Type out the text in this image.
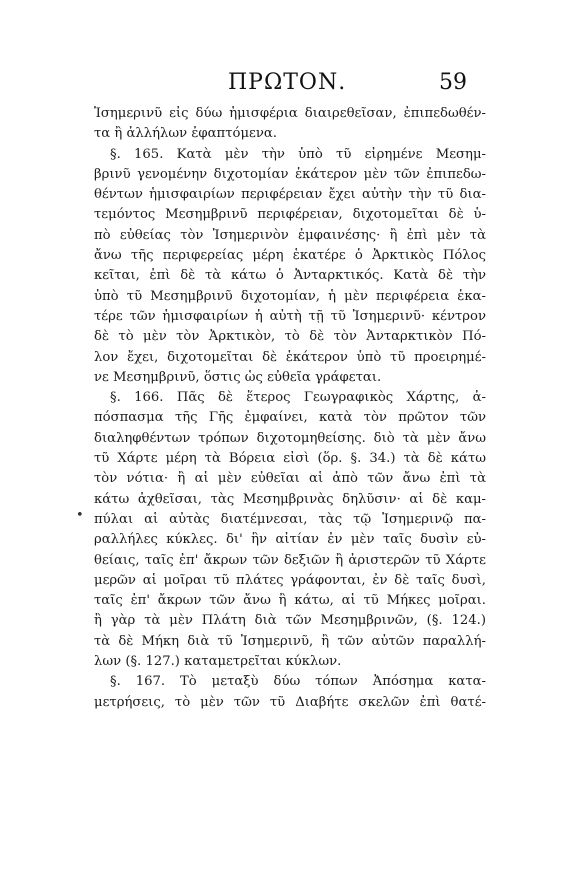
ΠΡΩΤΟΝ.	59
•
Ἰσημερινῦ εἰς δύω ἡμισφέρια διαιρεθεῖσαν, ἐπιπεδωθέν-
τα ἢ ἀλλήλων ἐφαπτόμενα.
§. 165. Κατὰ μὲν τὴν ὑπὸ τῦ εἰρημένε Μεσημ-
βρινῦ γενομένην διχοτομίαν ἑκάτερον μὲν τῶν ἐπιπεδω-
θέντων ἡμισφαιρίων περιφέρειαν ἔχει αὐτὴν τὴν τῦ δια-
τεμόντος Μεσημβρινῦ περιφέρειαν, διχοτομεῖται δὲ ὑ-
πὸ εὐθείας τὸν Ἰσημερινὸν ἐμφαινέσης· ἢ ἐπὶ μὲν τὰ
ἄνω τῆς περιφερείας μέρη ἑκατέρε ὁ Ἀρκτικὸς Πόλος
κεῖται, ἐπὶ δὲ τὰ κάτω ὁ Ἀνταρκτικός. Κατὰ δὲ τὴν
ὑπὸ τῦ Μεσημβρινῦ διχοτομίαν, ἡ μὲν περιφέρεια ἑκα-
τέρε τῶν ἡμισφαιρίων ἡ αὐτὴ τῇ τῦ Ἰσημερινῦ· κέντρον
δὲ τὸ μὲν τὸν Ἀρκτικὸν, τὸ δὲ τὸν Ἀνταρκτικὸν Πό-
λον ἔχει, διχοτομεῖται δὲ ἑκάτερον ὑπὸ τῦ προειρημέ-
νε Μεσημβρινῦ, ὅστις ὡς εὐθεῖα γράφεται.
§. 166. Πᾶς δὲ ἕτερος Γεωγραφικὸς Χάρτης, ἀ-
πόσπασμα τῆς Γῆς ἐμφαίνει, κατὰ τὸν πρῶτον τῶν
διαληφθέντων τρόπων διχοτομηθείσης. διὸ τὰ μὲν ἄνω
τῦ Χάρτε μέρη τὰ Βόρεια εἰσὶ (ὅρ. §. 34.) τὰ δὲ κάτω
τὸν νότια· ἢ αἱ μὲν εὐθεῖαι αἱ ἀπὸ τῶν ἄνω ἐπὶ τὰ
κάτω ἀχθεῖσαι, τὰς Μεσημβρινὰς δηλῦσιν· αἱ δὲ καμ-
πύλαι αἱ αὐτὰς διατέμνεσαι, τὰς τῷ Ἰσημερινῷ πα-
ραλλήλες κύκλες. δι' ἣν αἰτίαν ἐν μὲν ταῖς δυσὶν εὐ-
θείαις, ταῖς ἐπ' ἄκρων τῶν δεξιῶν ἢ ἀριστερῶν τῦ Χάρτε
μερῶν αἱ μοῖραι τῦ πλάτες γράφονται, ἐν δὲ ταῖς δυσὶ,
ταῖς ἐπ' ἄκρων τῶν ἄνω ἢ κάτω, αἱ τῦ Μήκες μοῖραι.
ἢ γὰρ τὰ μὲν Πλάτη διὰ τῶν Μεσημβρινῶν, (§. 124.)
τὰ δὲ Μήκη διὰ τῦ Ἰσημερινῦ, ἢ τῶν αὐτῶν παραλλή-
λων (§. 127.) καταμετρεῖται κύκλων.
§. 167. Τὸ μεταξὺ δύω τόπων Ἀπόσημα κατα-
μετρήσεις, τὸ μὲν τῶν τῦ Διαβήτε σκελῶν ἐπὶ θατέ-
